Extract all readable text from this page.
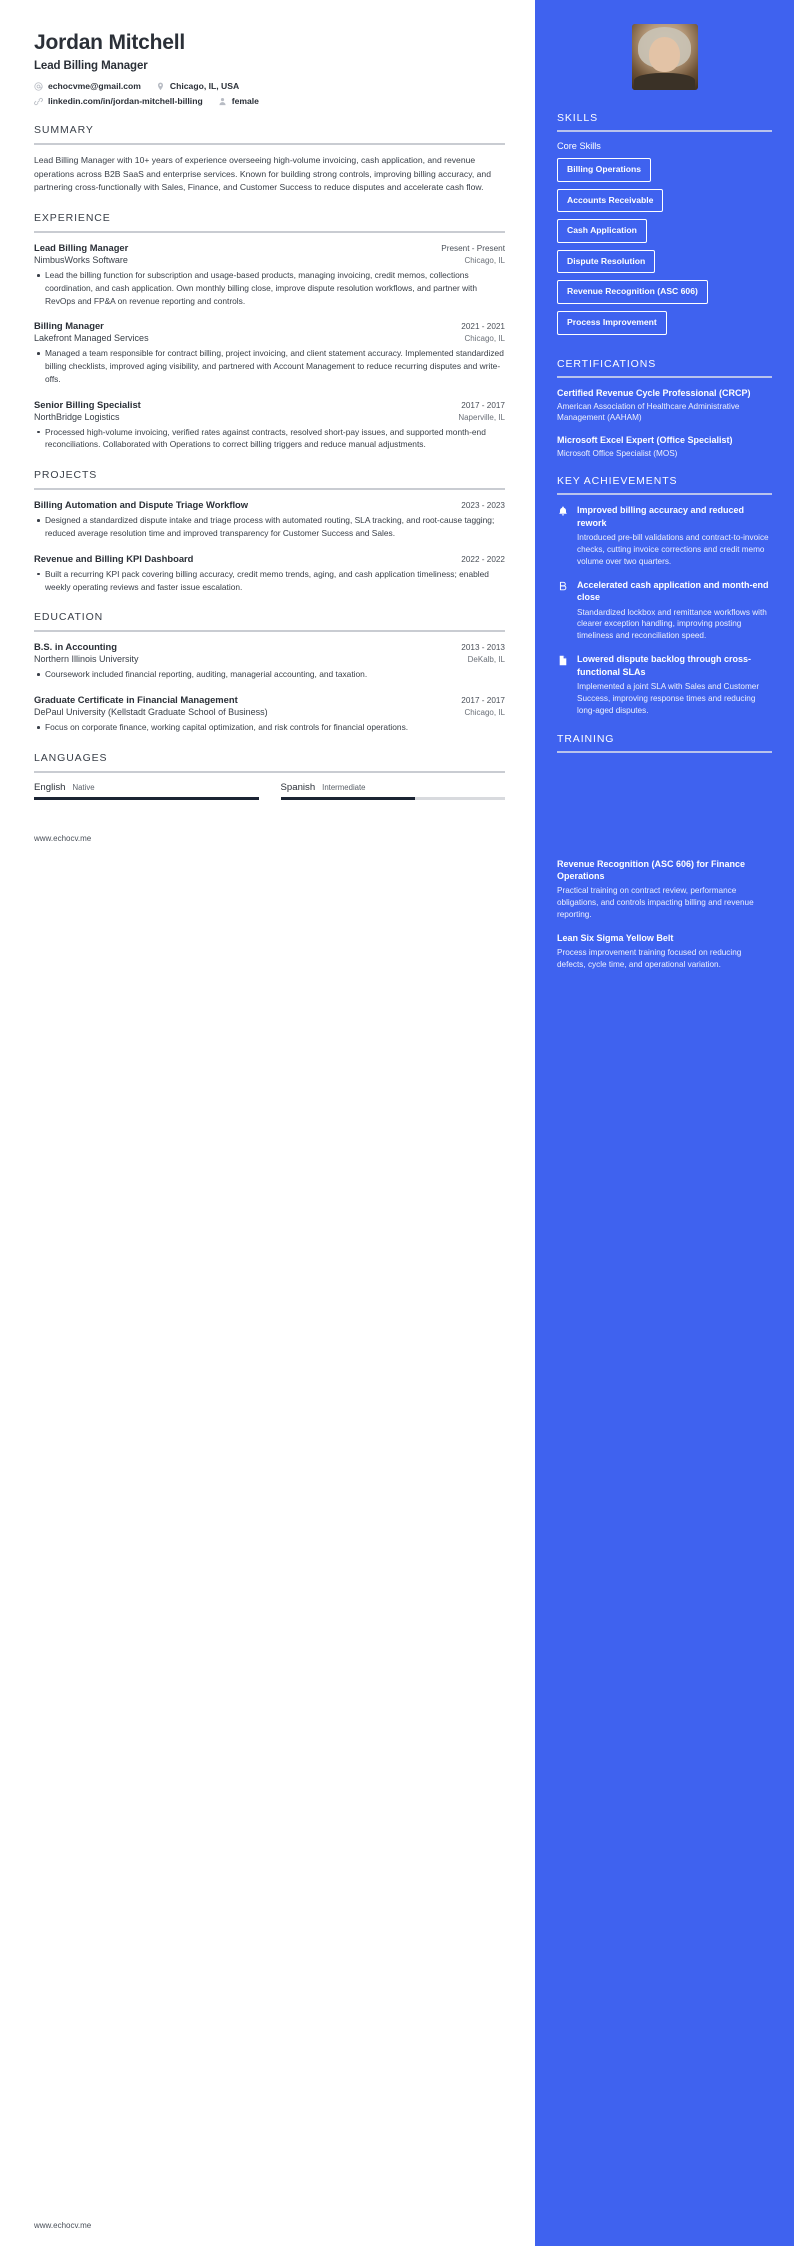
Jordan Mitchell
Lead Billing Manager
echocvme@gmail.com	Chicago, IL, USA
linkedin.com/in/jordan-mitchell-billing	female
SUMMARY
Lead Billing Manager with 10+ years of experience overseeing high-volume invoicing, cash application, and revenue operations across B2B SaaS and enterprise services. Known for building strong controls, improving billing accuracy, and partnering cross-functionally with Sales, Finance, and Customer Success to reduce disputes and accelerate cash flow.
EXPERIENCE
Lead Billing Manager	Present - Present
NimbusWorks Software	Chicago, IL
Lead the billing function for subscription and usage-based products, managing invoicing, credit memos, collections coordination, and cash application. Own monthly billing close, improve dispute resolution workflows, and partner with RevOps and FP&A on revenue reporting and controls.
Billing Manager	2021 - 2021
Lakefront Managed Services	Chicago, IL
Managed a team responsible for contract billing, project invoicing, and client statement accuracy. Implemented standardized billing checklists, improved aging visibility, and partnered with Account Management to reduce recurring disputes and write-offs.
Senior Billing Specialist	2017 - 2017
NorthBridge Logistics	Naperville, IL
Processed high-volume invoicing, verified rates against contracts, resolved short-pay issues, and supported month-end reconciliations. Collaborated with Operations to correct billing triggers and reduce manual adjustments.
PROJECTS
Billing Automation and Dispute Triage Workflow	2023 - 2023
Designed a standardized dispute intake and triage process with automated routing, SLA tracking, and root-cause tagging; reduced average resolution time and improved transparency for Customer Success and Sales.
Revenue and Billing KPI Dashboard	2022 - 2022
Built a recurring KPI pack covering billing accuracy, credit memo trends, aging, and cash application timeliness; enabled weekly operating reviews and faster issue escalation.
EDUCATION
B.S. in Accounting	2013 - 2013
Northern Illinois University	DeKalb, IL
Coursework included financial reporting, auditing, managerial accounting, and taxation.
Graduate Certificate in Financial Management	2017 - 2017
DePaul University (Kellstadt Graduate School of Business)	Chicago, IL
Focus on corporate finance, working capital optimization, and risk controls for financial operations.
LANGUAGES
English Native	Spanish Intermediate
www.echocv.me
www.echocv.me
SKILLS
Core Skills
Billing Operations
Accounts Receivable
Cash Application
Dispute Resolution
Revenue Recognition (ASC 606)
Process Improvement
CERTIFICATIONS
Certified Revenue Cycle Professional (CRCP)
American Association of Healthcare Administrative Management (AAHAM)
Microsoft Excel Expert (Office Specialist)
Microsoft Office Specialist (MOS)
KEY ACHIEVEMENTS
Improved billing accuracy and reduced rework
Introduced pre-bill validations and contract-to-invoice checks, cutting invoice corrections and credit memo volume over two quarters.
Accelerated cash application and month-end close
Standardized lockbox and remittance workflows with clearer exception handling, improving posting timeliness and reconciliation speed.
Lowered dispute backlog through cross-functional SLAs
Implemented a joint SLA with Sales and Customer Success, improving response times and reducing long-aged disputes.
TRAINING
Revenue Recognition (ASC 606) for Finance Operations
Practical training on contract review, performance obligations, and controls impacting billing and revenue reporting.
Lean Six Sigma Yellow Belt
Process improvement training focused on reducing defects, cycle time, and operational variation.
